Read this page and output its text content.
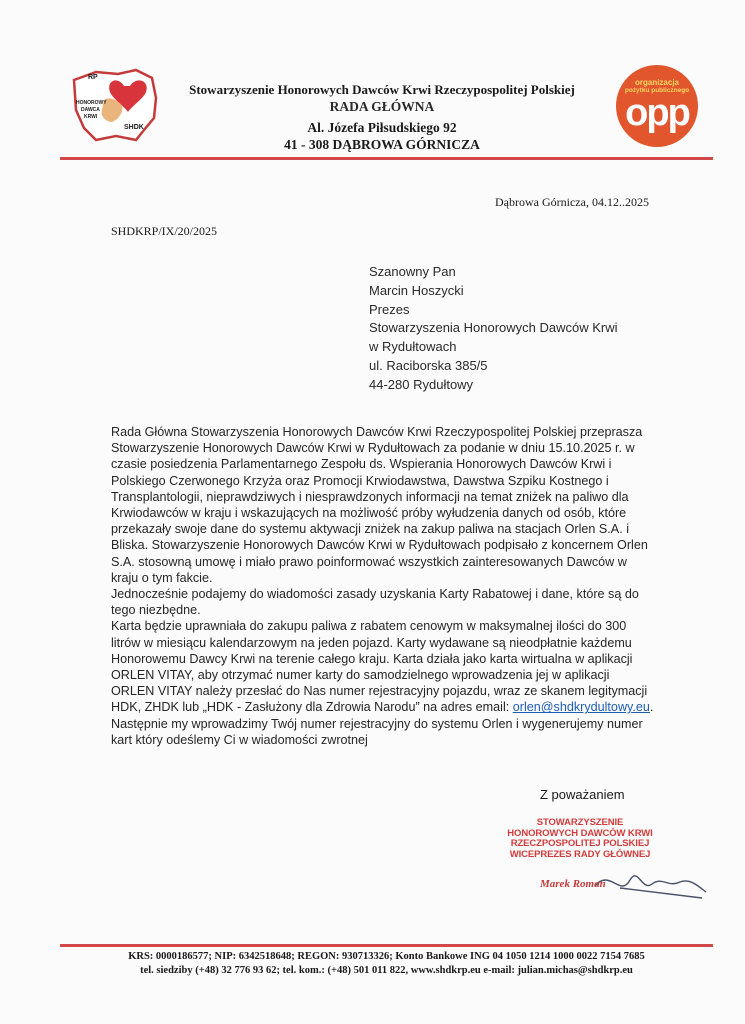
RP
HONOROWY
DAWCA
KRWI
SHDK
organizacja
pożytku publicznego
opp
Stowarzyszenie Honorowych Dawców Krwi Rzeczypospolitej Polskiej
RADA GŁÓWNA
Al. Józefa Piłsudskiego 92
41 - 308 DĄBROWA GÓRNICZA
Dąbrowa Górnicza, 04.12..2025
SHDKRP/IX/20/2025
Szanowny Pan
Marcin Hoszycki
Prezes
Stowarzyszenia Honorowych Dawców Krwi
w Rydułtowach
ul. Raciborska 385/5
44-280 Rydułtowy

Rada Główna Stowarzyszenia Honorowych Dawców Krwi Rzeczypospolitej Polskiej przeprasza Stowarzyszenie Honorowych Dawców Krwi w Rydułtowach za podanie w dniu 15.10.2025 r. w czasie posiedzenia Parlamentarnego Zespołu ds. Wspierania Honorowych Dawców Krwi i Polskiego Czerwonego Krzyża oraz Promocji Krwiodawstwa, Dawstwa Szpiku Kostnego i Transplantologii, nieprawdziwych i niesprawdzonych informacji na temat zniżek na paliwo dla Krwiodawców w kraju i wskazujących na możliwość próby wyłudzenia danych od osób, które przekazały swoje dane do systemu aktywacji zniżek na zakup paliwa na stacjach Orlen S.A. i Bliska. Stowarzyszenie Honorowych Dawców Krwi w Rydułtowach podpisało z koncernem Orlen S.A. stosowną umowę i miało prawo poinformować wszystkich zainteresowanych Dawców w kraju o tym fakcie.

Jednocześnie podajemy do wiadomości zasady uzyskania Karty Rabatowej i dane, które są do tego niezbędne.

Karta będzie uprawniała do zakupu paliwa z rabatem cenowym w maksymalnej ilości do 300 litrów w miesiącu kalendarzowym na jeden pojazd. Karty wydawane są nieodpłatnie każdemu Honorowemu Dawcy Krwi na terenie całego kraju. Karta działa jako karta wirtualna w aplikacji ORLEN VITAY, aby otrzymać numer karty do samodzielnego wprowadzenia jej w aplikacji ORLEN VITAY należy przesłać do Nas numer rejestracyjny pojazdu, wraz ze skanem legitymacji HDK, ZHDK lub „HDK - Zasłużony dla Zdrowia Narodu” na adres email: orlen@shdkrydultowy.eu. Następnie my wprowadzimy Twój numer rejestracyjny do systemu Orlen i wygenerujemy numer kart który odeślemy Ci w wiadomości zwrotnej

Z poważaniem
STOWARZYSZENIE
HONOROWYCH DAWCÓW KRWI
RZECZPOSPOLITEJ POLSKIEJ
WICEPREZES RADY GŁÓWNEJ
Marek Roman
KRS: 0000186577; NIP: 6342518648; REGON: 930713326; Konto Bankowe ING 04 1050 1214 1000 0022 7154 7685
tel. siedziby (+48) 32 776 93 62; tel. kom.: (+48) 501 011 822, www.shdkrp.eu e-mail: julian.michas@shdkrp.eu
